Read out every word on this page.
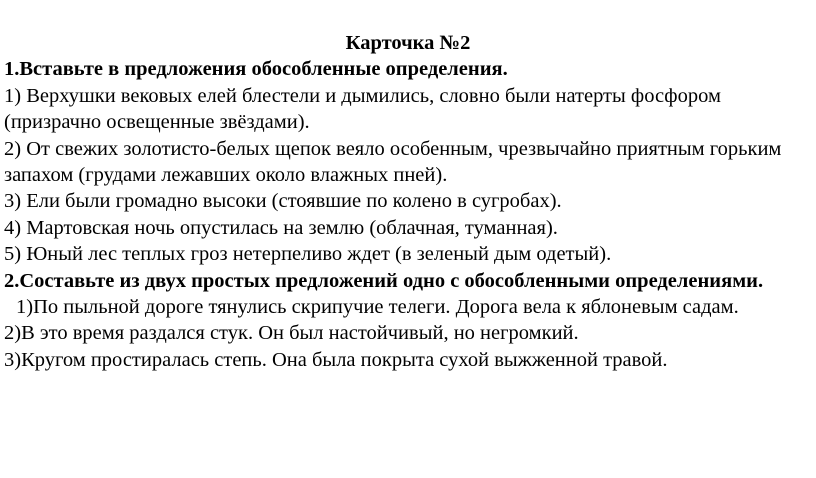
Карточка №2

1.Вставьте в предложения обособленные определения.

1) Верхушки вековых елей блестели и дымились, словно были натерты фосфором (призрачно освещенные звёздами).

2) От свежих золотисто-белых щепок веяло особенным, чрезвычайно приятным горьким запахом (грудами лежавших около влажных пней).

3) Ели были громадно высоки (стоявшие по колено в сугробах).

4) Мартовская ночь опустилась на землю (облачная, туманная).

5) Юный лес теплых гроз нетерпеливо ждет (в зеленый дым одетый).

2.Составьте из двух простых предложений одно с обособленными определениями.

1)По пыльной дороге тянулись скрипучие телеги. Дорога вела к яблоневым садам.

2)В это время раздался стук. Он был настойчивый, но негромкий.

3)Кругом простиралась степь. Она была покрыта сухой выжженной травой.
